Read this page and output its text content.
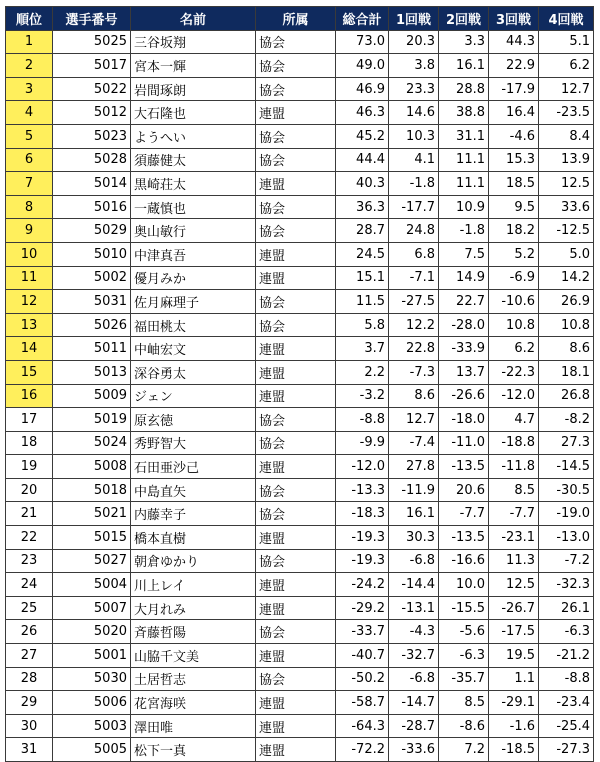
順位	選手番号	名前	所属	総合計	1回戦	2回戦	3回戦	4回戦
1	5025	三谷坂翔	協会	73.0	20.3	3.3	44.3	5.1
2	5017	宮本一輝	協会	49.0	3.8	16.1	22.9	6.2
3	5022	岩間琢朗	協会	46.9	23.3	28.8	-17.9	12.7
4	5012	大石隆也	連盟	46.3	14.6	38.8	16.4	-23.5
5	5023	ようへい	協会	45.2	10.3	31.1	-4.6	8.4
6	5028	須藤健太	協会	44.4	4.1	11.1	15.3	13.9
7	5014	黒崎荘太	連盟	40.3	-1.8	11.1	18.5	12.5
8	5016	一蔵慎也	協会	36.3	-17.7	10.9	9.5	33.6
9	5029	奥山敏行	協会	28.7	24.8	-1.8	18.2	-12.5
10	5010	中津真吾	連盟	24.5	6.8	7.5	5.2	5.0
11	5002	優月みか	連盟	15.1	-7.1	14.9	-6.9	14.2
12	5031	佐月麻理子	協会	11.5	-27.5	22.7	-10.6	26.9
13	5026	福田桃太	協会	5.8	12.2	-28.0	10.8	10.8
14	5011	中岫宏文	連盟	3.7	22.8	-33.9	6.2	8.6
15	5013	深谷勇太	連盟	2.2	-7.3	13.7	-22.3	18.1
16	5009	ジェン	連盟	-3.2	8.6	-26.6	-12.0	26.8
17	5019	原玄徳	協会	-8.8	12.7	-18.0	4.7	-8.2
18	5024	秀野智大	協会	-9.9	-7.4	-11.0	-18.8	27.3
19	5008	石田亜沙己	連盟	-12.0	27.8	-13.5	-11.8	-14.5
20	5018	中島直矢	協会	-13.3	-11.9	20.6	8.5	-30.5
21	5021	内藤幸子	協会	-18.3	16.1	-7.7	-7.7	-19.0
22	5015	橋本直樹	連盟	-19.3	30.3	-13.5	-23.1	-13.0
23	5027	朝倉ゆかり	協会	-19.3	-6.8	-16.6	11.3	-7.2
24	5004	川上レイ	連盟	-24.2	-14.4	10.0	12.5	-32.3
25	5007	大月れみ	連盟	-29.2	-13.1	-15.5	-26.7	26.1
26	5020	斉藤哲陽	協会	-33.7	-4.3	-5.6	-17.5	-6.3
27	5001	山脇千文美	連盟	-40.7	-32.7	-6.3	19.5	-21.2
28	5030	土居哲志	協会	-50.2	-6.8	-35.7	1.1	-8.8
29	5006	花宮海咲	連盟	-58.7	-14.7	8.5	-29.1	-23.4
30	5003	澤田唯	連盟	-64.3	-28.7	-8.6	-1.6	-25.4
31	5005	松下一真	連盟	-72.2	-33.6	7.2	-18.5	-27.3
